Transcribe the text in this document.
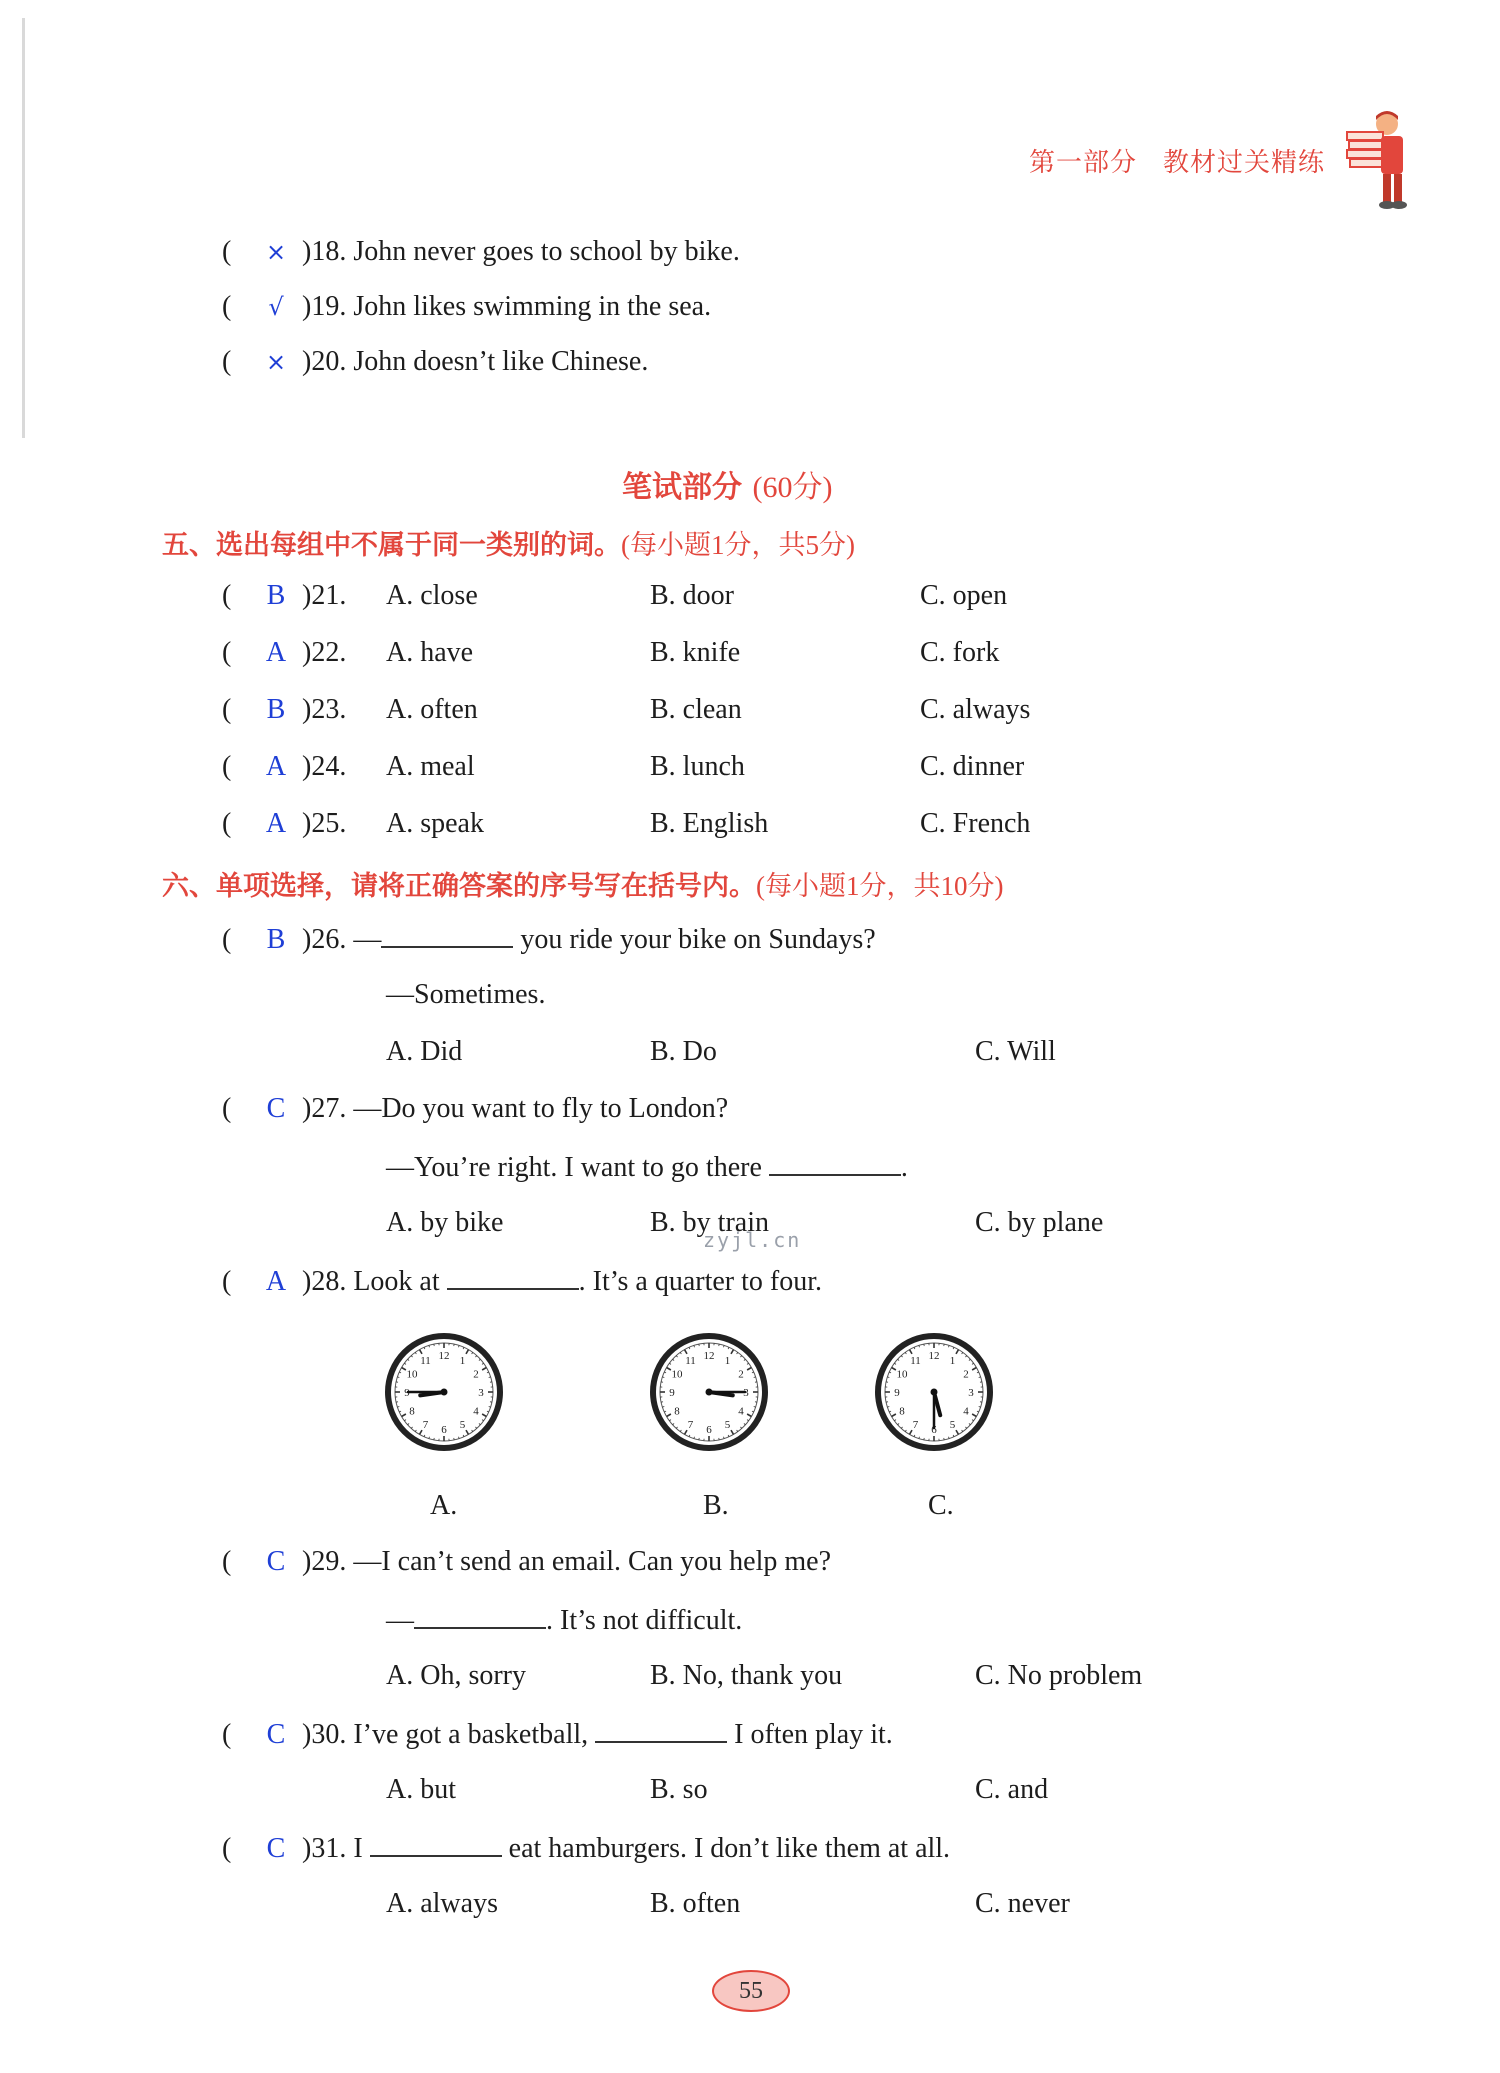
第一部分 教材过关精练
( × )18. John never goes to school by bike.
( √ )19. John likes swimming in the sea.
( × )20. John doesn’t like Chinese.
笔试部分 (60分)
五、选出每组中不属于同一类别的词。(每小题1分，共5分)
( B )21. A. close	B. door	C. open
( A )22. A. have	B. knife	C. fork
( B )23. A. often	B. clean	C. always
( A )24. A. meal	B. lunch	C. dinner
( A )25. A. speak	B. English	C. French
六、单项选择，请将正确答案的序号写在括号内。(每小题1分，共10分)
( B )26. —	you ride your bike on Sundays?
—Sometimes.
A. Did	B. Do	C. Will
( C )27. —Do you want to fly to London?
—You’re right. I want to go there	.
A. by bike	B. by train	C. by plane
zyjl.cn
( A )28. Look at	. It’s a quarter to four.
12 1
2
3
4
5
6
7
8
9
10
11	12 1
2
3
4
5
6
7
8
9
10
11	12 1
2
3
4
5
6
7
8
9
10
11
A.	B.	C.
( C )29. —I can’t send an email. Can you help me?
—	. It’s not difficult.
A. Oh, sorry	B. No, thank you	C. No problem
( C )30. I’ve got a basketball,	I often play it.
A. but	B. so	C. and
( C )31. I	eat hamburgers. I don’t like them at all.
A. always	B. often	C. never
55
